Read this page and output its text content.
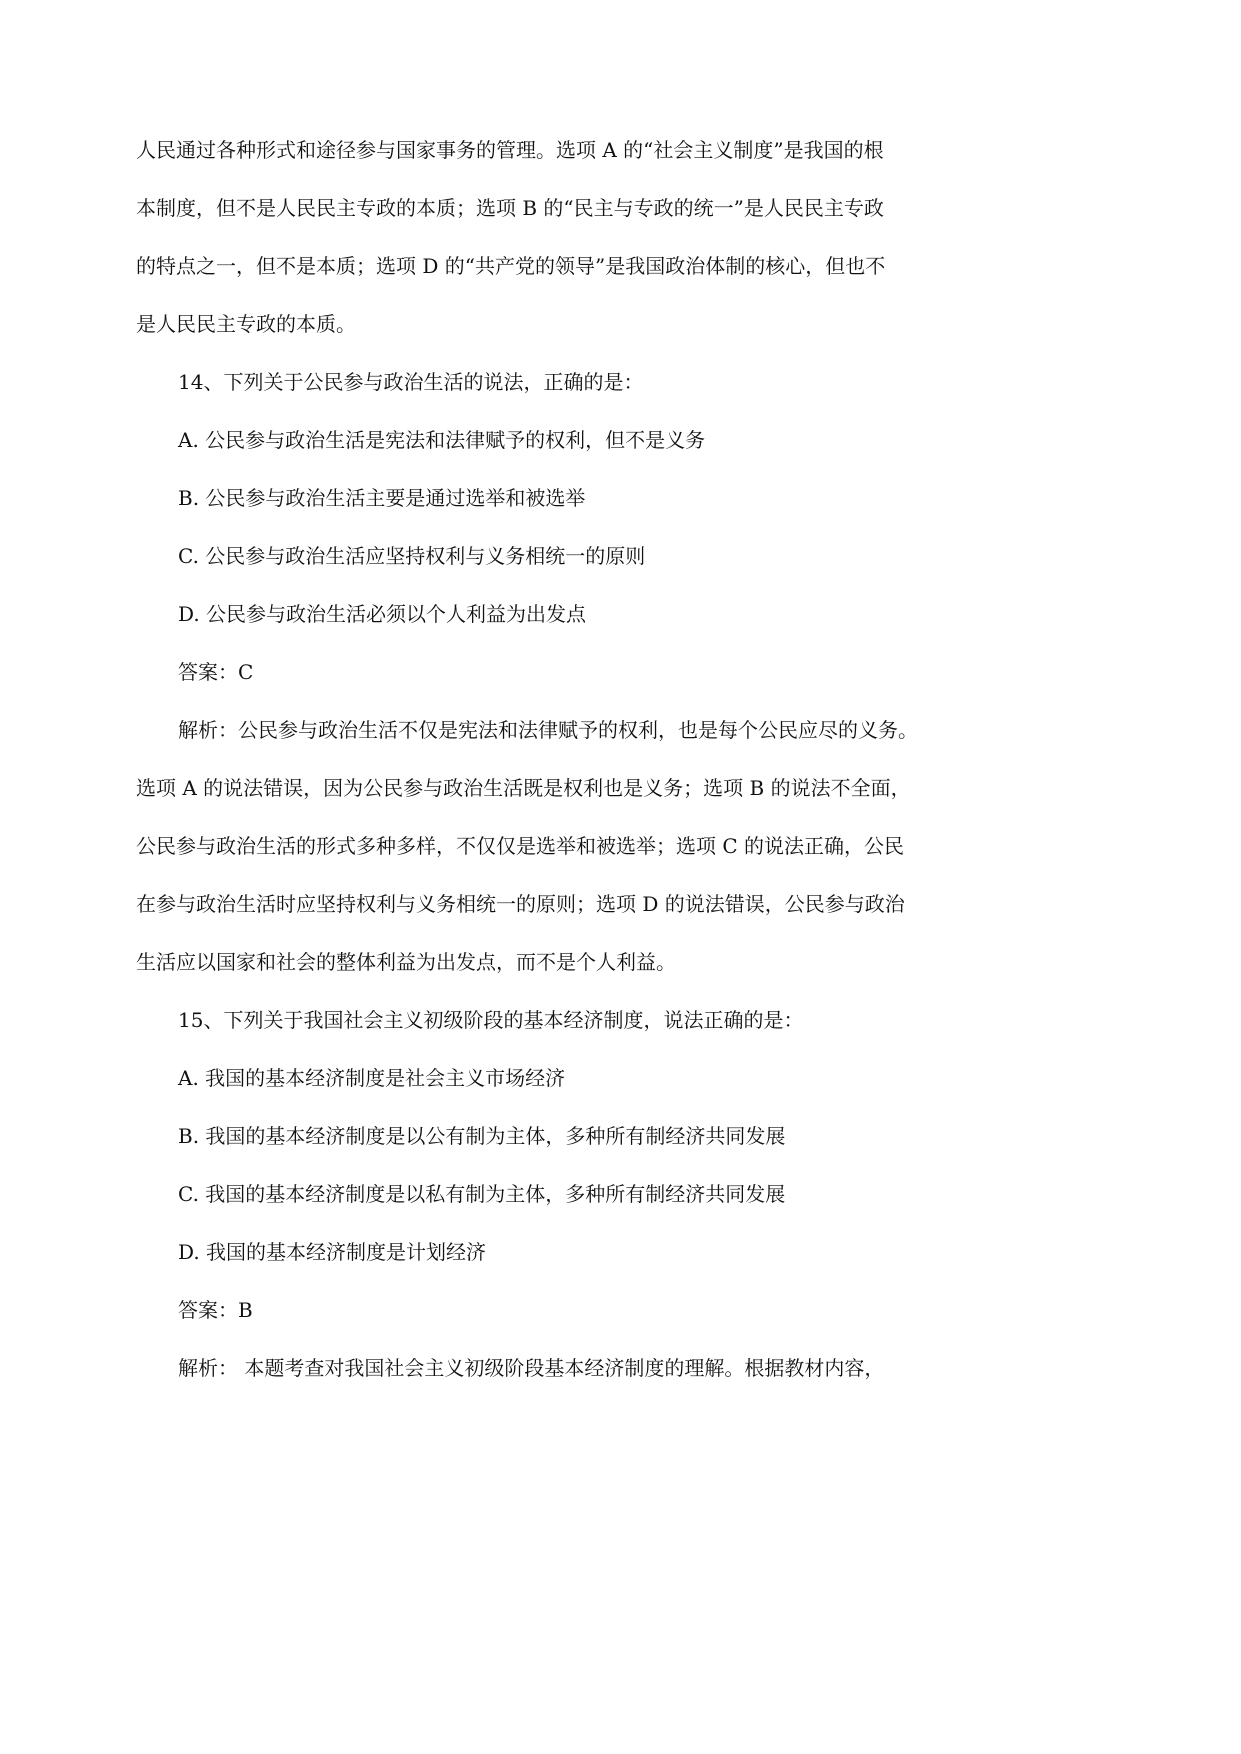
人民通过各种形式和途径参与国家事务的管理。选项 A 的“社会主义制度”是我国的根
本制度，但不是人民民主专政的本质；选项 B 的“民主与专政的统一”是人民民主专政
的特点之一，但不是本质；选项 D 的“共产党的领导”是我国政治体制的核心，但也不
是人民民主专政的本质。
14、下列关于公民参与政治生活的说法，正确的是：
A. 公民参与政治生活是宪法和法律赋予的权利，但不是义务
B. 公民参与政治生活主要是通过选举和被选举
C. 公民参与政治生活应坚持权利与义务相统一的原则
D. 公民参与政治生活必须以个人利益为出发点
答案：C
解析：公民参与政治生活不仅是宪法和法律赋予的权利，也是每个公民应尽的义务。
选项 A 的说法错误，因为公民参与政治生活既是权利也是义务；选项 B 的说法不全面，
公民参与政治生活的形式多种多样，不仅仅是选举和被选举；选项 C 的说法正确，公民
在参与政治生活时应坚持权利与义务相统一的原则；选项 D 的说法错误，公民参与政治
生活应以国家和社会的整体利益为出发点，而不是个人利益。
15、下列关于我国社会主义初级阶段的基本经济制度，说法正确的是：
A. 我国的基本经济制度是社会主义市场经济
B. 我国的基本经济制度是以公有制为主体，多种所有制经济共同发展
C. 我国的基本经济制度是以私有制为主体，多种所有制经济共同发展
D. 我国的基本经济制度是计划经济
答案：B
解析： 本题考查对我国社会主义初级阶段基本经济制度的理解。根据教材内容，
